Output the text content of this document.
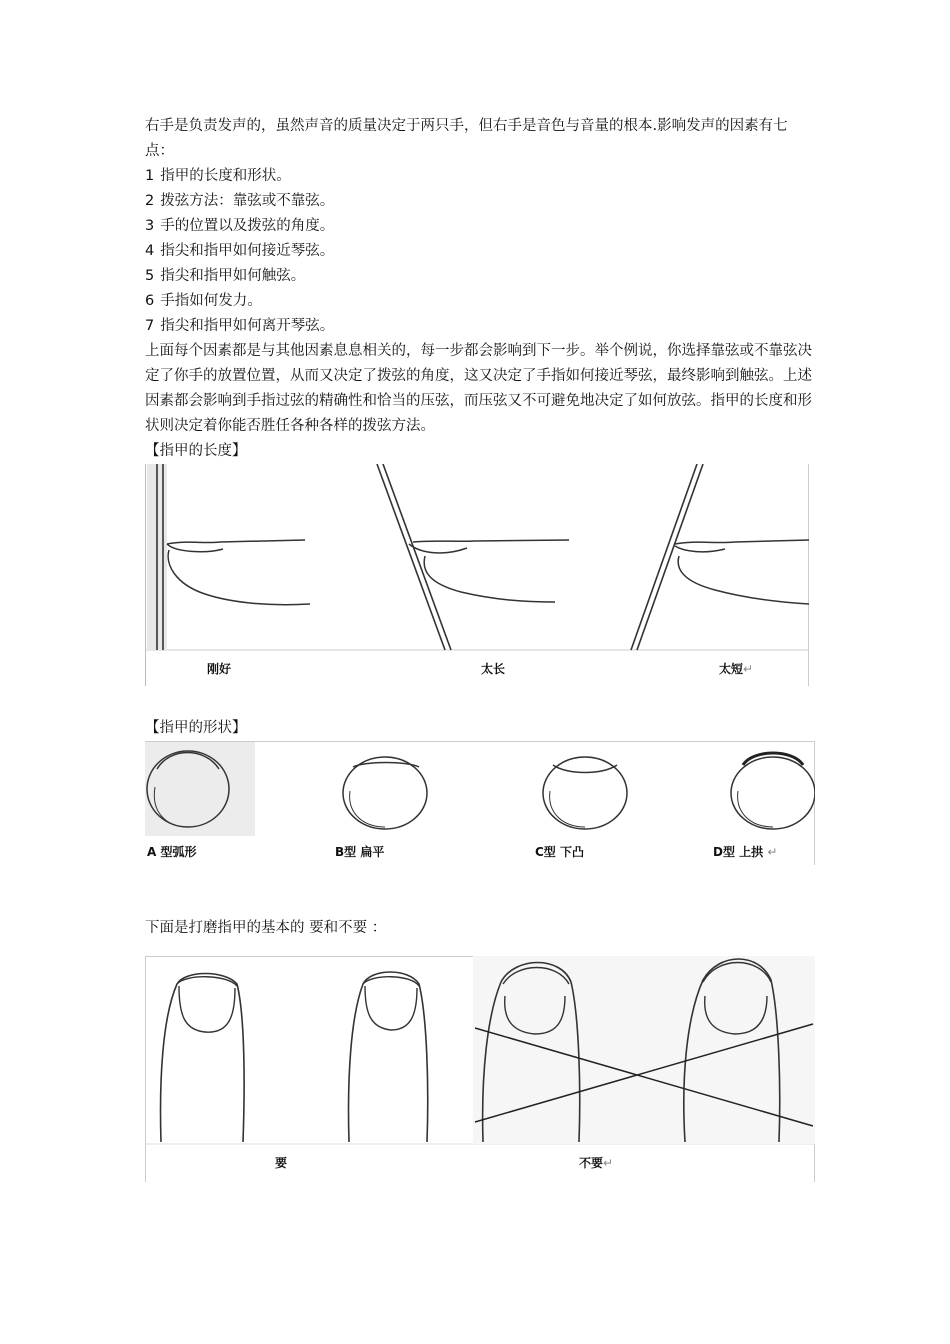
右手是负责发声的，虽然声音的质量决定于两只手，但右手是音色与音量的根本.影响发声的因素有七点：

1 指甲的长度和形状。

2 拨弦方法：靠弦或不靠弦。

3 手的位置以及拨弦的角度。

4 指尖和指甲如何接近琴弦。

5 指尖和指甲如何触弦。

6 手指如何发力。

7 指尖和指甲如何离开琴弦。

上面每个因素都是与其他因素息息相关的，每一步都会影响到下一步。举个例说，你选择靠弦或不靠弦决定了你手的放置位置，从而又决定了拨弦的角度，这又决定了手指如何接近琴弦，最终影响到触弦。上述因素都会影响到手指过弦的精确性和恰当的压弦，而压弦又不可避免地决定了如何放弦。指甲的长度和形状则决定着你能否胜任各种各样的拨弦方法。

【指甲的长度】

刚好	太长	太短↵

【指甲的形状】

A 型弧形	B型 扁平	C型 下凸	D型 上拱 ↵

下面是打磨指甲的基本的 要和不要 ：

要	不要↵
